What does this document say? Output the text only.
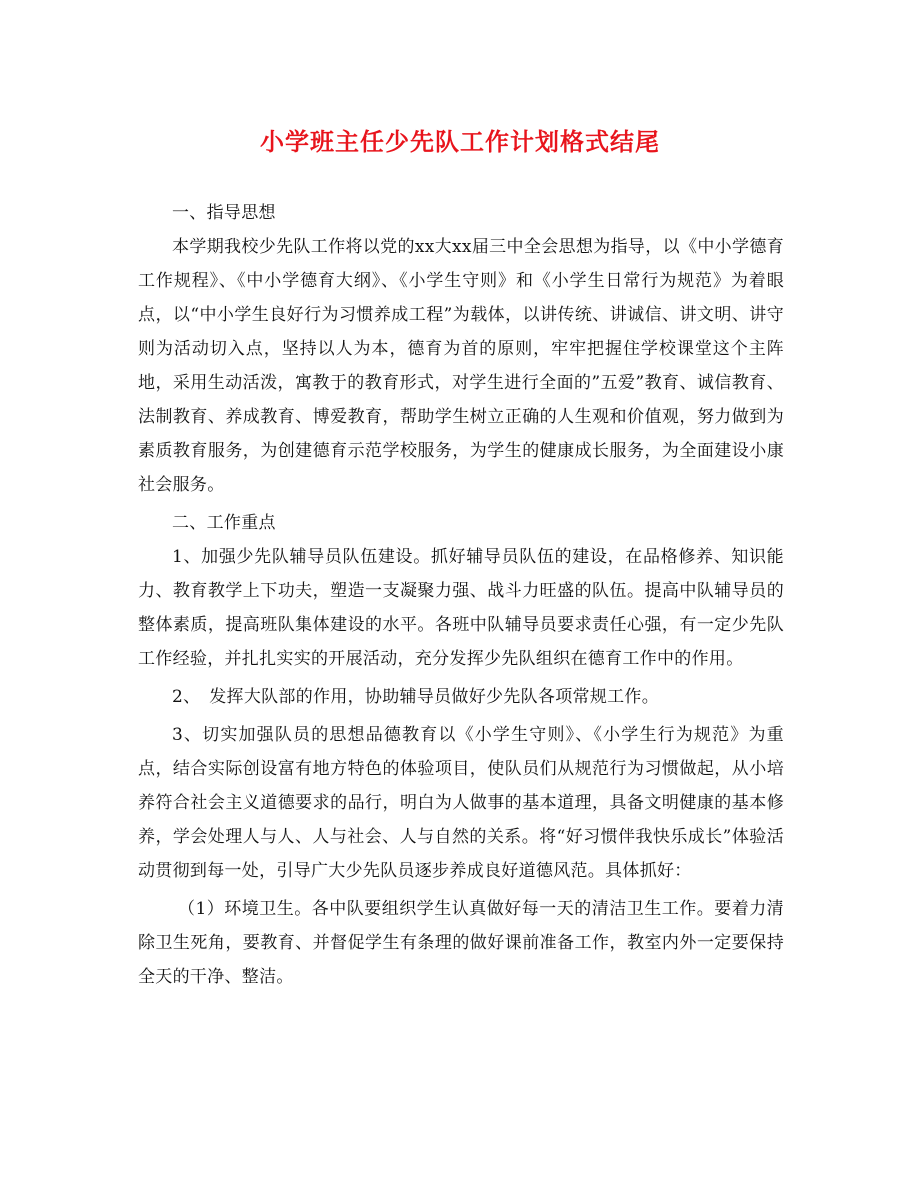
小学班主任少先队工作计划格式结尾

一、指导思想

本学期我校少先队工作将以党的xx大xx届三中全会思想为指导，以《中小学德育工作规程》、《中小学德育大纲》、《小学生守则》和《小学生日常行为规范》为着眼点，以“中小学生良好行为习惯养成工程”为载体，以讲传统、讲诚信、讲文明、讲守则为活动切入点，坚持以人为本，德育为首的原则，牢牢把握住学校课堂这个主阵地，采用生动活泼，寓教于的教育形式，对学生进行全面的”五爱”教育、诚信教育、法制教育、养成教育、博爱教育，帮助学生树立正确的人生观和价值观，努力做到为素质教育服务，为创建德育示范学校服务，为学生的健康成长服务，为全面建设小康社会服务。

二、工作重点

1、加强少先队辅导员队伍建设。抓好辅导员队伍的建设，在品格修养、知识能力、教育教学上下功夫，塑造一支凝聚力强、战斗力旺盛的队伍。提高中队辅导员的整体素质，提高班队集体建设的水平。各班中队辅导员要求责任心强，有一定少先队工作经验，并扎扎实实的开展活动，充分发挥少先队组织在德育工作中的作用。

2、　发挥大队部的作用，协助辅导员做好少先队各项常规工作。

3、切实加强队员的思想品德教育以《小学生守则》、《小学生行为规范》为重点，结合实际创设富有地方特色的体验项目，使队员们从规范行为习惯做起，从小培养符合社会主义道德要求的品行，明白为人做事的基本道理，具备文明健康的基本修养，学会处理人与人、人与社会、人与自然的关系。将“好习惯伴我快乐成长”体验活动贯彻到每一处，引导广大少先队员逐步养成良好道德风范。具体抓好：

（1）环境卫生。各中队要组织学生认真做好每一天的清洁卫生工作。要着力清除卫生死角，要教育、并督促学生有条理的做好课前准备工作，教室内外一定要保持全天的干净、整洁。
